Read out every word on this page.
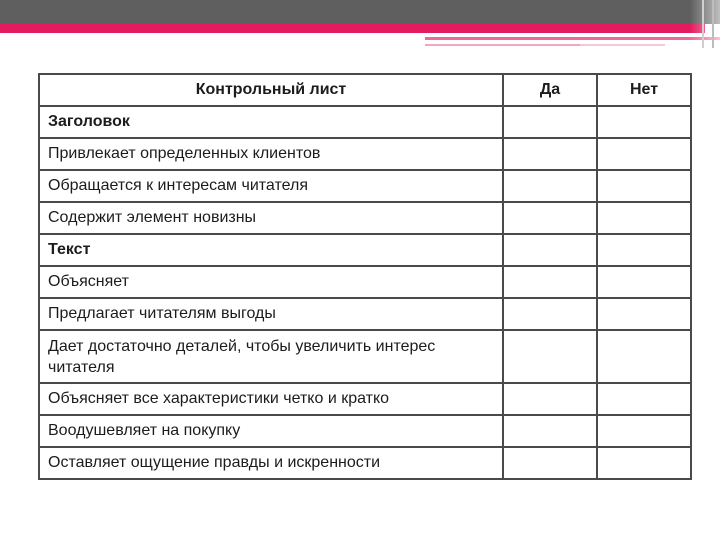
Контрольный лист	Да	Нет
Заголовок		
Привлекает определенных клиентов		
Обращается к интересам читателя		
Содержит элемент новизны		
Текст		
Объясняет		
Предлагает читателям выгоды		
Дает достаточно деталей, чтобы увеличить интерес читателя		
Объясняет все характеристики четко и кратко		
Воодушевляет на покупку		
Оставляет ощущение правды и искренности		
